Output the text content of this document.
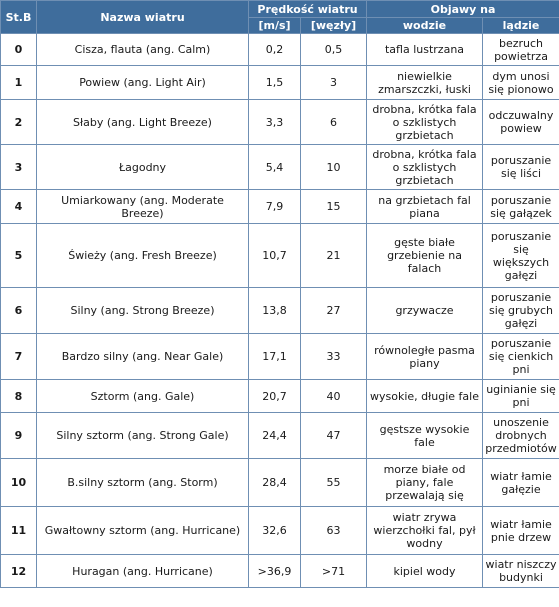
St.B	Nazwa wiatru	Prędkość wiatru		Objawy na	
		[m/s]	[węzły]	wodzie	lądzie
0	Cisza, flauta (ang. Calm)	0,2	0,5	tafla lustrzana	bezruch powietrza
1	Powiew (ang. Light Air)	1,5	3	niewielkie zmarszczki, łuski	dym unosi się pionowo
2	Słaby (ang. Light Breeze)	3,3	6	drobna, krótka fala o szklistych grzbietach	odczuwalny powiew
3	Łagodny	5,4	10	drobna, krótka fala o szklistych grzbietach	poruszanie się liści
4	Umiarkowany (ang. Moderate Breeze)	7,9	15	na grzbietach fal piana	poruszanie się gałązek
5	Świeży (ang. Fresh Breeze)	10,7	21	gęste białe grzebienie na falach	poruszanie się większych gałęzi
6	Silny (ang. Strong Breeze)	13,8	27	grzywacze	poruszanie się grubych gałęzi
7	Bardzo silny (ang. Near Gale)	17,1	33	równoległe pasma piany	poruszanie się cienkich pni
8	Sztorm (ang. Gale)	20,7	40	wysokie, długie fale	uginianie się pni
9	Silny sztorm (ang. Strong Gale)	24,4	47	gęstsze wysokie fale	unoszenie drobnych przedmiotów
10	B.silny sztorm (ang. Storm)	28,4	55	morze białe od piany, fale przewalają się	wiatr łamie gałęzie
11	Gwałtowny sztorm (ang. Hurricane)	32,6	63	wiatr zrywa wierzchołki fal, pył wodny	wiatr łamie pnie drzew
12	Huragan (ang. Hurricane)	>36,9	>71	kipiel wody	wiatr niszczy budynki
